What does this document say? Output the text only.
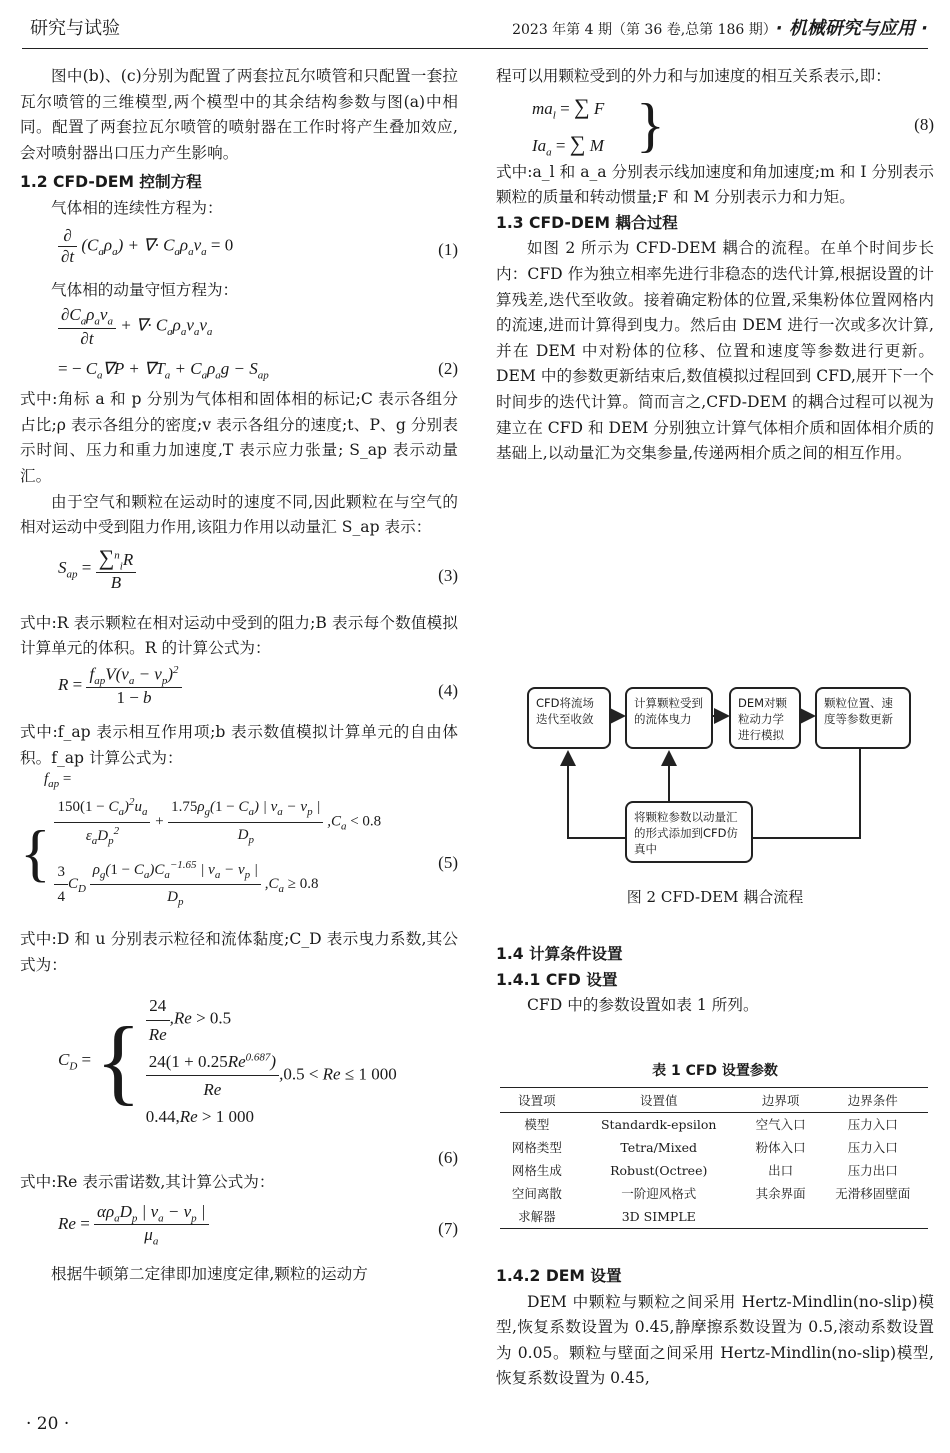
研究与试验	2023 年第 4 期（第 36 卷,总第 186 期） · 机械研究与应用 ·

图中(b)、(c)分别为配置了两套拉瓦尔喷管和只配置一套拉瓦尔喷管的三维模型,两个模型中的其余结构参数与图(a)中相同。配置了两套拉瓦尔喷管的喷射器在工作时将产生叠加效应,会对喷射器出口压力产生影响。

1.2 CFD-DEM 控制方程

气体相的连续性方程为：

$\frac{\partial}{\partial t} (C_a\rho_a)$ + ∇· $C_a\rho_av_a = 0$	(1)

气体相的动量守恒方程为：

$\frac{\partial C_a\rho_av_a}{\partial t}$ + ∇· $C_a\rho_av_av_a$
= − $C_a\nabla P + \nabla T_a + C_a\rho_ag - S_{ap}$	(2)

式中:角标 a 和 p 分别为气体相和固体相的标记;C 表示各组分占比;ρ 表示各组分的密度;v 表示各组分的速度;t、P、g 分别表示时间、压力和重力加速度,T 表示应力张量; S_ap 表示动量汇。

由于空气和颗粒在运动时的速度不同,因此颗粒在与空气的相对运动中受到阻力作用,该阻力作用以动量汇 S_ap 表示：

$S_{ap} = \frac{\sum^n_iR}{B}$	(3)

式中:R 表示颗粒在相对运动中受到的阻力;B 表示每个数值模拟计算单元的体积。R 的计算公式为：

$R = \frac{f_{ap}V(v_a - v_p)^2}{1 - b}$	(4)

式中:f_ap 表示相互作用项;b 表示数值模拟计算单元的自由体积。f_ap 计算公式为：

$f_{ap}$ =
{ $\frac{150(1 - C_a)^2u_a}{\varepsilon_aD_p^2} + \frac{1.75\rho_g(1 - C_a) | v_a - v_p |}{D_p} ,C_a < 0.8$
$\frac{3}{4} C_D \frac{\rho_g(1 - C_a)C_a^{-1.65} | v_a - v_p |}{D_p} ,C_a \ge 0.8$
(5)

式中:D 和 u 分别表示粒径和流体黏度;C_D 表示曳力系数,其公式为：

$C_D$ = { $\frac{24}{Re} ,Re > 0.5$
$\frac{24(1 + 0.25Re^{0.687})}{Re} ,0.5 < Re \le 1$ 000
0.44,Re > 1 000
(6)

式中:Re 表示雷诺数,其计算公式为：

$Re = \frac{\alpha\rho_aD_p | v_a - v_p |}{\mu_a}$	(7)

根据牛顿第二定律即加速度定律,颗粒的运动方

程可以用颗粒受到的外力和与加速度的相互关系表示,即：

$ma_l$ = ∑ F
$Ia_a$ = ∑ M }	(8)

式中:a_l 和 a_a 分别表示线加速度和角加速度;m 和 I 分别表示颗粒的质量和转动惯量;F 和 M 分别表示力和力矩。

1.3 CFD-DEM 耦合过程

如图 2 所示为 CFD-DEM 耦合的流程。在单个时间步长内：CFD 作为独立相率先进行非稳态的迭代计算,根据设置的计算残差,迭代至收敛。接着确定粉体的位置,采集粉体位置网格内的流速,进而计算得到曳力。然后由 DEM 进行一次或多次计算,并在 DEM 中对粉体的位移、位置和速度等参数进行更新。DEM 中的参数更新结束后,数值模拟过程回到 CFD,展开下一个时间步的迭代计算。简而言之,CFD-DEM 的耦合过程可以视为建立在 CFD 和 DEM 分别独立计算气体相介质和固体相介质的基础上,以动量汇为交集参量,传递两相介质之间的相互作用。

CFD将流场迭代至收敛
计算颗粒受到的流体曳力
DEM对颗粒动力学进行模拟
颗粒位置、速度等参数更新
将颗粒参数以动量汇的形式添加到CFD仿真中
图 2 CFD-DEM 耦合流程
1.4 计算条件设置
1.4.1 CFD 设置

CFD 中的参数设置如表 1 所列。

表 1 CFD 设置参数
设置项	设置值	边界项	边界条件
模型	Standardk-epsilon	空气入口	压力入口
网格类型	Tetra/Mixed	粉体入口	压力入口
网格生成	Robust(Octree)	出口	压力出口
空间离散	一阶迎风格式	其余界面	无滑移固壁面
求解器	3D SIMPLE		
1.4.2 DEM 设置

DEM 中颗粒与颗粒之间采用 Hertz-Mindlin(no-slip)模型,恢复系数设置为 0.45,静摩擦系数设置为 0.5,滚动系数设置为 0.05。颗粒与壁面之间采用 Hertz-Mindlin(no-slip)模型,恢复系数设置为 0.45,

· 20 ·
